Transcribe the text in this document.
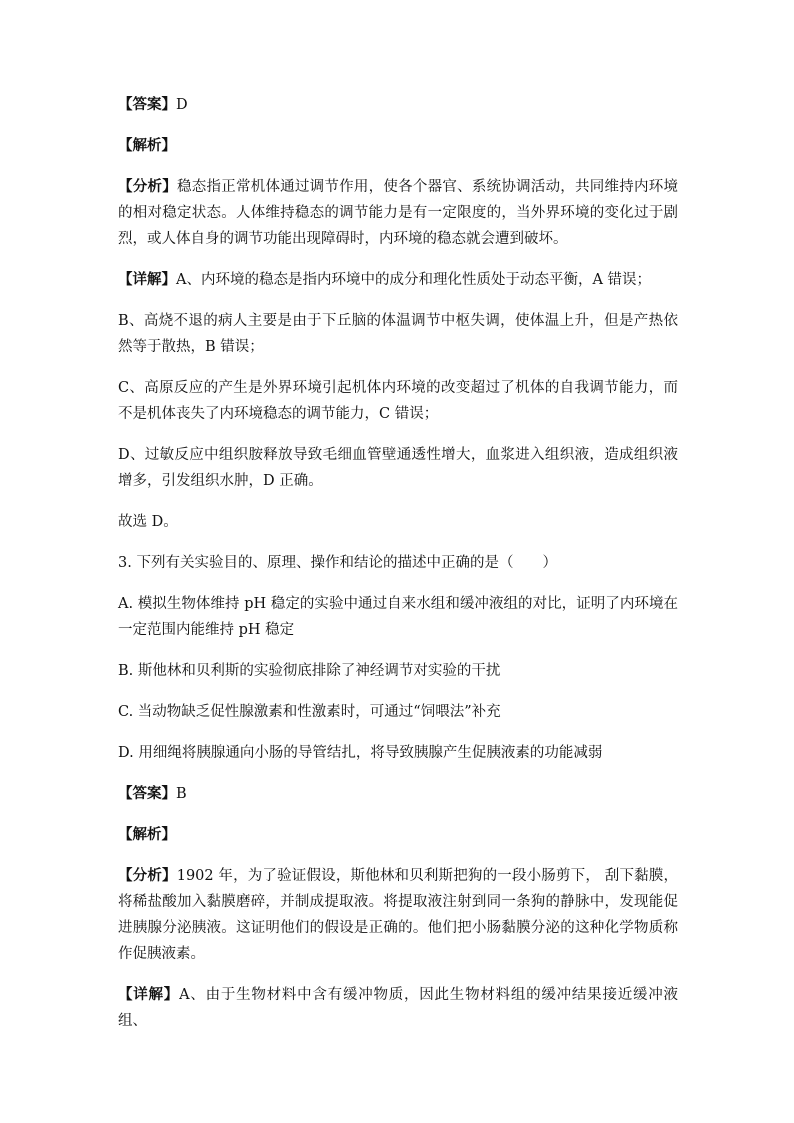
【答案】D

【解析】

【分析】稳态指正常机体通过调节作用，使各个器官、系统协调活动，共同维持内环境的相对稳定状态。人体维持稳态的调节能力是有一定限度的，当外界环境的变化过于剧烈，或人体自身的调节功能出现障碍时，内环境的稳态就会遭到破坏。

【详解】A、内环境的稳态是指内环境中的成分和理化性质处于动态平衡，A 错误；

B、高烧不退的病人主要是由于下丘脑的体温调节中枢失调，使体温上升，但是产热依然等于散热，B 错误；

C、高原反应的产生是外界环境引起机体内环境的改变超过了机体的自我调节能力，而不是机体丧失了内环境稳态的调节能力，C 错误；

D、过敏反应中组织胺释放导致毛细血管壁通透性增大，血浆进入组织液，造成组织液增多，引发组织水肿，D 正确。

故选 D。

3. 下列有关实验目的、原理、操作和结论的描述中正确的是（　　）

A. 模拟生物体维持 pH 稳定的实验中通过自来水组和缓冲液组的对比，证明了内环境在一定范围内能维持 pH 稳定

B. 斯他林和贝利斯的实验彻底排除了神经调节对实验的干扰

C. 当动物缺乏促性腺激素和性激素时，可通过“饲喂法”补充

D. 用细绳将胰腺通向小肠的导管结扎，将导致胰腺产生促胰液素的功能减弱

【答案】B

【解析】

【分析】1902 年，为了验证假设，斯他林和贝利斯把狗的一段小肠剪下， 刮下黏膜，将稀盐酸加入黏膜磨碎，并制成提取液。将提取液注射到同一条狗的静脉中，发现能促进胰腺分泌胰液。这证明他们的假设是正确的。他们把小肠黏膜分泌的这种化学物质称作促胰液素。

【详解】A、由于生物材料中含有缓冲物质，因此生物材料组的缓冲结果接近缓冲液组、
